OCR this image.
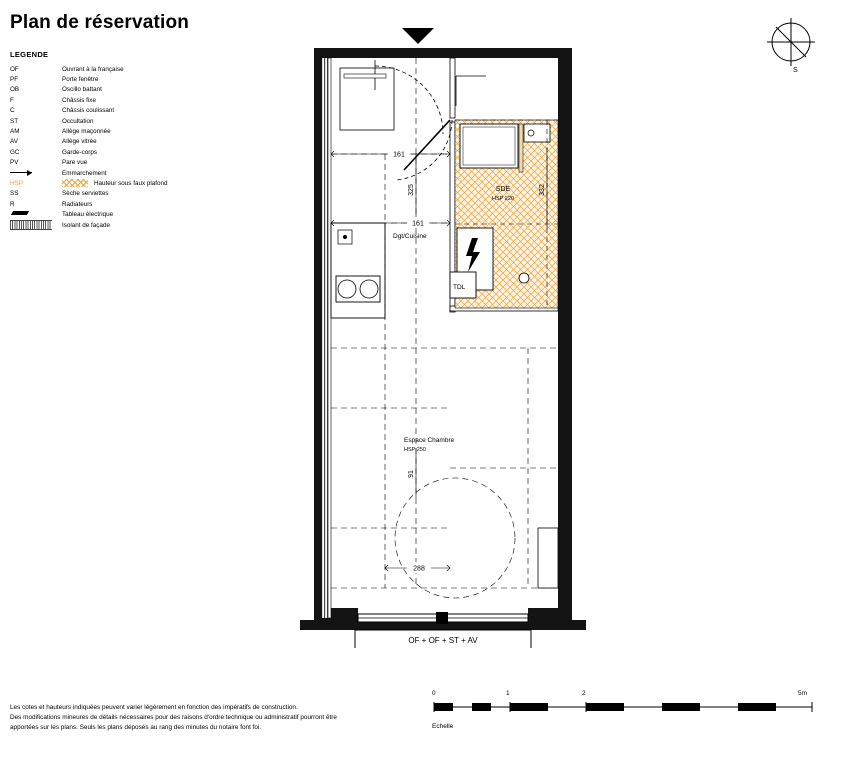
Plan de réservation
LEGENDE
OF	Ouvrant à la française
PF	Porte fenêtre
OB	Oscillo battant
F	Châssis fixe
C	Châssis coulissant
ST	Occultation
AM	Allège maçonnée
AV	Allège vitrée
GC	Garde-corps
PV	Pare vue
Emmarchement
HSP	Hauteur sous faux plafond
SS	Sèche serviettes
R	Radiateurs
Tableau électrique
Isolant de façade
S
TDL
OF + OF + ST + AV
161
161
325	332
91
288
SDE
HSP 220
Espace Chambre
HSP 250
Dgt/Cuisine
Les cotes et hauteurs indiquées peuvent varier légèrement en fonction des impératifs de construction.
Des modifications mineures de détails nécessaires pour des raisons d'ordre technique ou administratif pourront être
apportées sur les plans. Seuls les plans déposés au rang des minutes du notaire font foi.
0	1	2	5m
Echelle
